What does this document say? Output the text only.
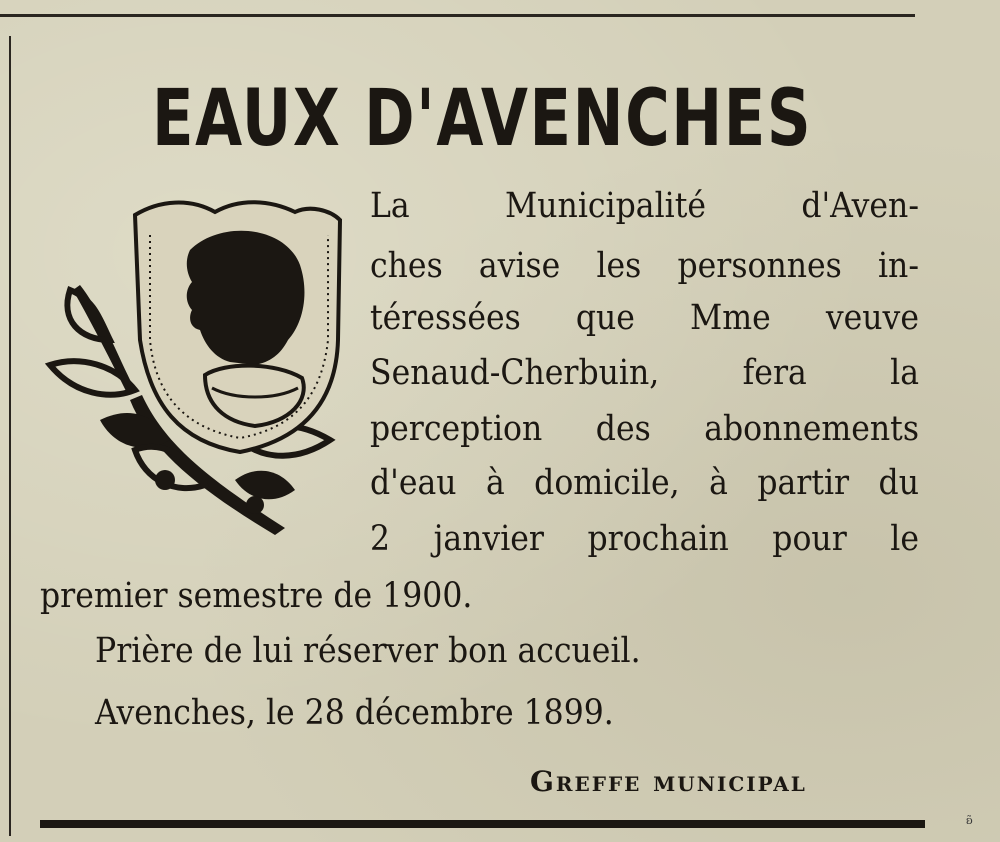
EAUX D'AVENCHES

La Municipalité d'Aven-

ches avise les personnes in-

téressées que Mme veuve

Senaud-Cherbuin, fera la

perception des abonnements

d'eau à domicile, à partir du

2 janvier prochain pour le

premier semestre de 1900.

Prière de lui réserver bon accueil.

Avenches, le 28 décembre 1899.

Greffe municipal

ʚ̃
